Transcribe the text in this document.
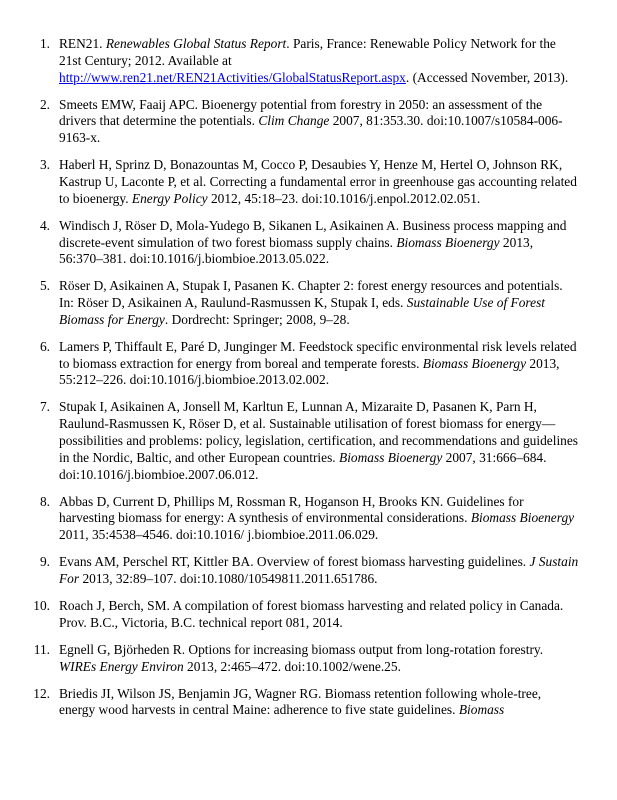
1. REN21. Renewables Global Status Report. Paris, France: Renewable Policy Network for the 21st Century; 2012. Available at http://www.ren21.net/REN21Activities/GlobalStatusReport.aspx. (Accessed November, 2013).
2. Smeets EMW, Faaij APC. Bioenergy potential from forestry in 2050: an assessment of the drivers that determine the potentials. Clim Change 2007, 81:353.30. doi:10.1007/s10584-006-9163-x.
3. Haberl H, Sprinz D, Bonazountas M, Cocco P, Desaubies Y, Henze M, Hertel O, Johnson RK, Kastrup U, Laconte P, et al. Correcting a fundamental error in greenhouse gas accounting related to bioenergy. Energy Policy 2012, 45:18–23. doi:10.1016/j.enpol.2012.02.051.
4. Windisch J, Röser D, Mola-Yudego B, Sikanen L, Asikainen A. Business process mapping and discrete-event simulation of two forest biomass supply chains. Biomass Bioenergy 2013, 56:370–381. doi:10.1016/j.biombioe.2013.05.022.
5. Röser D, Asikainen A, Stupak I, Pasanen K. Chapter 2: forest energy resources and potentials. In: Röser D, Asikainen A, Raulund-Rasmussen K, Stupak I, eds. Sustainable Use of Forest Biomass for Energy. Dordrecht: Springer; 2008, 9–28.
6. Lamers P, Thiffault E, Paré D, Junginger M. Feedstock specific environmental risk levels related to biomass extraction for energy from boreal and temperate forests. Biomass Bioenergy 2013, 55:212–226. doi:10.1016/j.biombioe.2013.02.002.
7. Stupak I, Asikainen A, Jonsell M, Karltun E, Lunnan A, Mizaraite D, Pasanen K, Parn H, Raulund-Rasmussen K, Röser D, et al. Sustainable utilisation of forest biomass for energy—possibilities and problems: policy, legislation, certification, and recommendations and guidelines in the Nordic, Baltic, and other European countries. Biomass Bioenergy 2007, 31:666–684. doi:10.1016/j.biombioe.2007.06.012.
8. Abbas D, Current D, Phillips M, Rossman R, Hoganson H, Brooks KN. Guidelines for harvesting biomass for energy: A synthesis of environmental considerations. Biomass Bioenergy 2011, 35:4538–4546. doi:10.1016/ j.biombioe.2011.06.029.
9. Evans AM, Perschel RT, Kittler BA. Overview of forest biomass harvesting guidelines. J Sustain For 2013, 32:89–107. doi:10.1080/10549811.2011.651786.
10. Roach J, Berch, SM. A compilation of forest biomass harvesting and related policy in Canada. Prov. B.C., Victoria, B.C. technical report 081, 2014.
11. Egnell G, Björheden R. Options for increasing biomass output from long-rotation forestry. WIREs Energy Environ 2013, 2:465–472. doi:10.1002/wene.25.
12. Briedis JI, Wilson JS, Benjamin JG, Wagner RG. Biomass retention following whole-tree, energy wood harvests in central Maine: adherence to five state guidelines. Biomass
